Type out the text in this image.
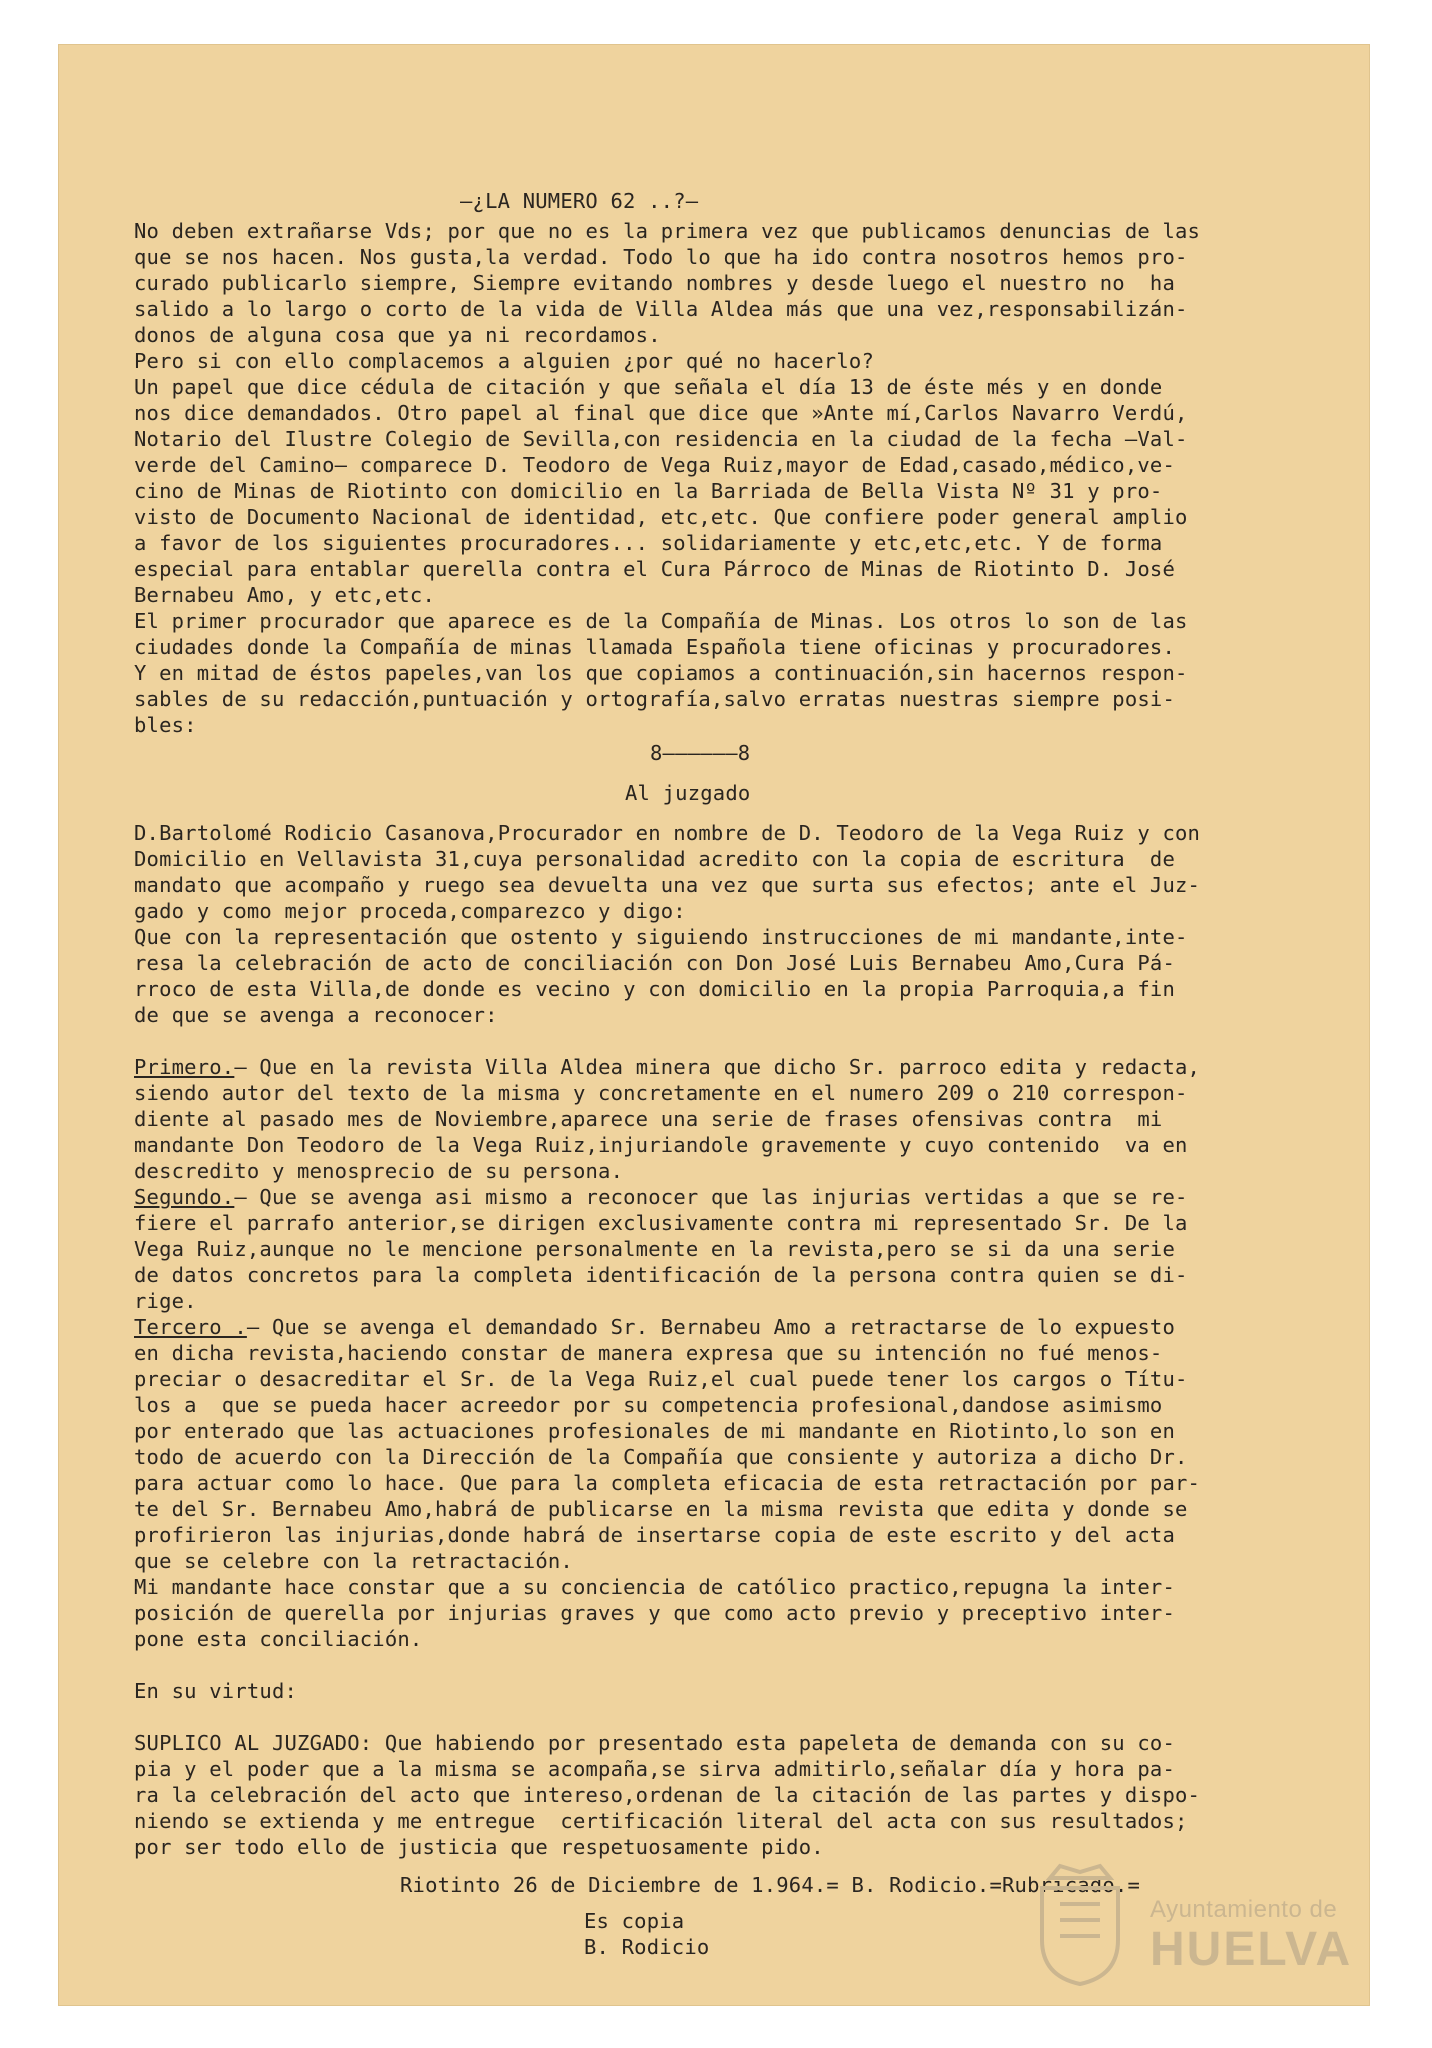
–¿LA NUMERO 62 ..?–
No deben extrañarse Vds; por que no es la primera vez que publicamos denuncias de las
que se nos hacen. Nos gusta,la verdad. Todo lo que ha ido contra nosotros hemos pro-
curado publicarlo siempre, Siempre evitando nombres y desde luego el nuestro no  ha
salido a lo largo o corto de la vida de Villa Aldea más que una vez,responsabilizán-
donos de alguna cosa que ya ni recordamos.
Pero si con ello complacemos a alguien ¿por qué no hacerlo?
Un papel que dice cédula de citación y que señala el día 13 de éste més y en donde
nos dice demandados. Otro papel al final que dice que »Ante mí,Carlos Navarro Verdú,
Notario del Ilustre Colegio de Sevilla,con residencia en la ciudad de la fecha –Val-
verde del Camino– comparece D. Teodoro de Vega Ruiz,mayor de Edad,casado,médico,ve-
cino de Minas de Riotinto con domicilio en la Barriada de Bella Vista Nº 31 y pro-
visto de Documento Nacional de identidad, etc,etc. Que confiere poder general amplio
a favor de los siguientes procuradores... solidariamente y etc,etc,etc. Y de forma
especial para entablar querella contra el Cura Párroco de Minas de Riotinto D. José
Bernabeu Amo, y etc,etc.
El primer procurador que aparece es de la Compañía de Minas. Los otros lo son de las
ciudades donde la Compañía de minas llamada Española tiene oficinas y procuradores.
Y en mitad de éstos papeles,van los que copiamos a continuación,sin hacernos respon-
sables de su redacción,puntuación y ortografía,salvo erratas nuestras siempre posi-
bles:
8——————8
Al juzgado
D.Bartolomé Rodicio Casanova,Procurador en nombre de D. Teodoro de la Vega Ruiz y con
Domicilio en Vellavista 31,cuya personalidad acredito con la copia de escritura  de
mandato que acompaño y ruego sea devuelta una vez que surta sus efectos; ante el Juz-
gado y como mejor proceda,comparezco y digo:
Que con la representación que ostento y siguiendo instrucciones de mi mandante,inte-
resa la celebración de acto de conciliación con Don José Luis Bernabeu Amo,Cura Pá-
rroco de esta Villa,de donde es vecino y con domicilio en la propia Parroquia,a fin
de que se avenga a reconocer:
Primero.– Que en la revista Villa Aldea minera que dicho Sr. parroco edita y redacta,
siendo autor del texto de la misma y concretamente en el numero 209 o 210 correspon-
diente al pasado mes de Noviembre,aparece una serie de frases ofensivas contra  mi
mandante Don Teodoro de la Vega Ruiz,injuriandole gravemente y cuyo contenido  va en
descredito y menosprecio de su persona.
Segundo.– Que se avenga asi mismo a reconocer que las injurias vertidas a que se re-
fiere el parrafo anterior,se dirigen exclusivamente contra mi representado Sr. De la
Vega Ruiz,aunque no le mencione personalmente en la revista,pero se si da una serie
de datos concretos para la completa identificación de la persona contra quien se di-
rige.
Tercero .– Que se avenga el demandado Sr. Bernabeu Amo a retractarse de lo expuesto
en dicha revista,haciendo constar de manera expresa que su intención no fué menos-
preciar o desacreditar el Sr. de la Vega Ruiz,el cual puede tener los cargos o Títu-
los a  que se pueda hacer acreedor por su competencia profesional,dandose asimismo
por enterado que las actuaciones profesionales de mi mandante en Riotinto,lo son en
todo de acuerdo con la Dirección de la Compañía que consiente y autoriza a dicho Dr.
para actuar como lo hace. Que para la completa eficacia de esta retractación por par-
te del Sr. Bernabeu Amo,habrá de publicarse en la misma revista que edita y donde se
profirieron las injurias,donde habrá de insertarse copia de este escrito y del acta
que se celebre con la retractación.
Mi mandante hace constar que a su conciencia de católico practico,repugna la inter-
posición de querella por injurias graves y que como acto previo y preceptivo inter-
pone esta conciliación.
En su virtud:
SUPLICO AL JUZGADO: Que habiendo por presentado esta papeleta de demanda con su co-
pia y el poder que a la misma se acompaña,se sirva admitirlo,señalar día y hora pa-
ra la celebración del acto que intereso,ordenan de la citación de las partes y dispo-
niendo se extienda y me entregue  certificación literal del acta con sus resultados;
por ser todo ello de justicia que respetuosamente pido.
Riotinto 26 de Diciembre de 1.964.= B. Rodicio.=Rubricado.=
Es copia
B. Rodicio
Ayuntamiento de
HUELVA
